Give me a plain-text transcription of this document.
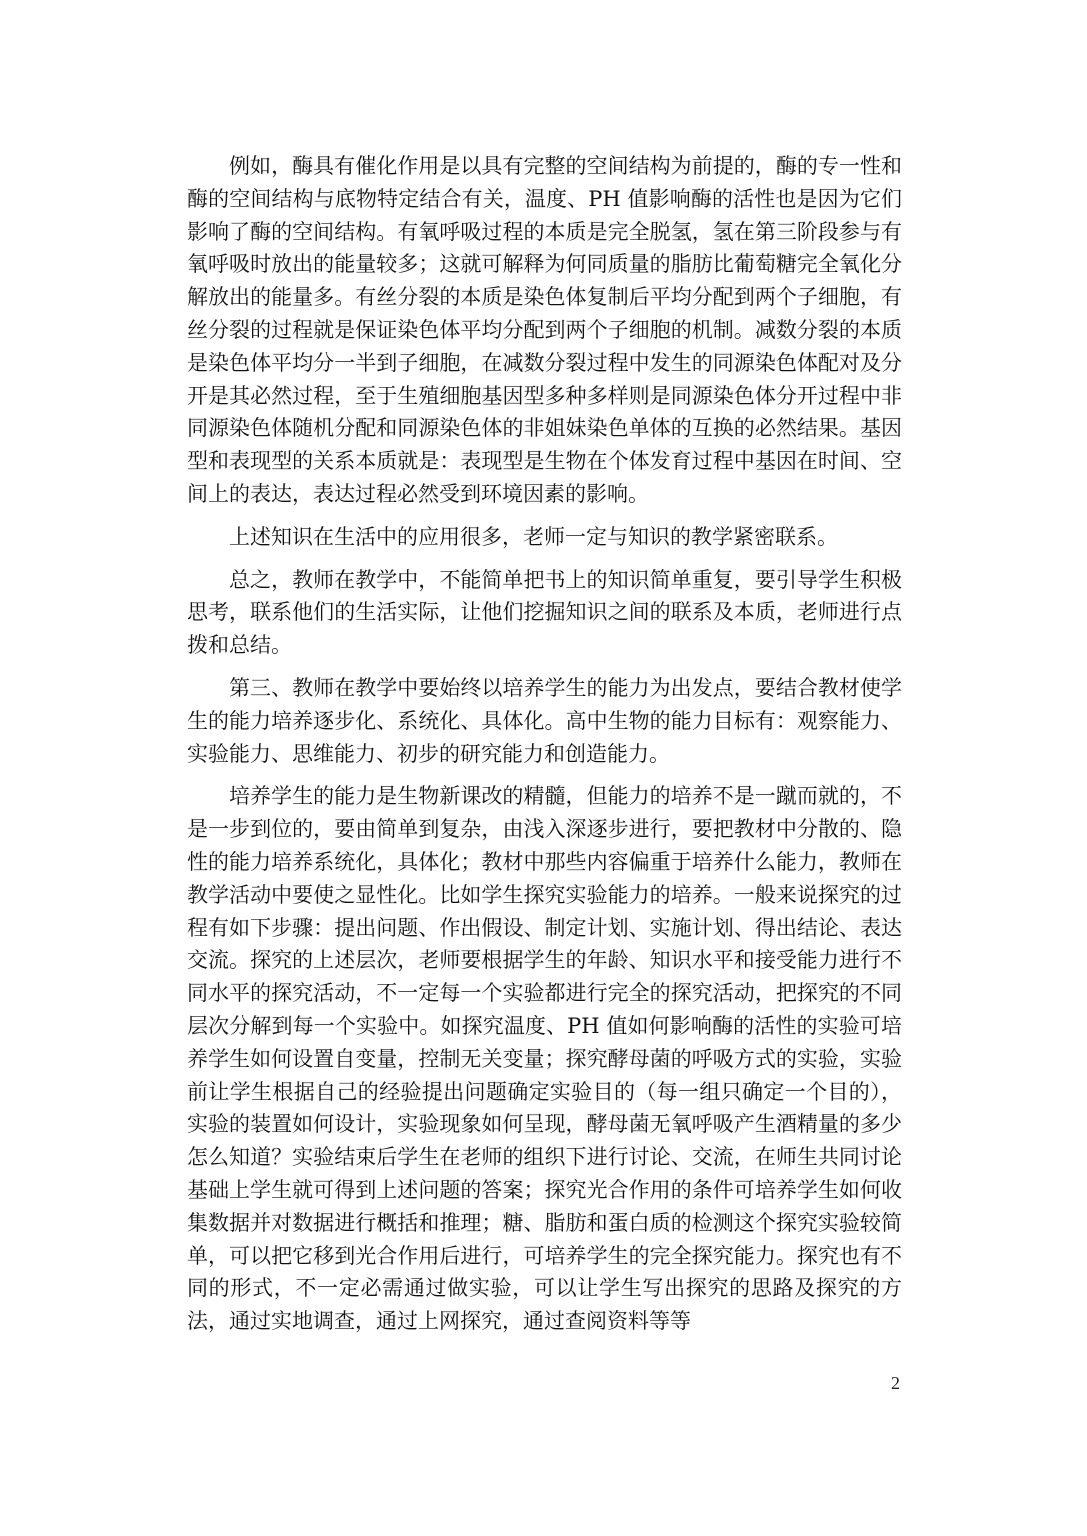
例如，酶具有催化作用是以具有完整的空间结构为前提的，酶的专一性和酶的空间结构与底物特定结合有关，温度、PH 值影响酶的活性也是因为它们影响了酶的空间结构。有氧呼吸过程的本质是完全脱氢，氢在第三阶段参与有氧呼吸时放出的能量较多；这就可解释为何同质量的脂肪比葡萄糖完全氧化分解放出的能量多。有丝分裂的本质是染色体复制后平均分配到两个子细胞，有丝分裂的过程就是保证染色体平均分配到两个子细胞的机制。减数分裂的本质是染色体平均分一半到子细胞，在减数分裂过程中发生的同源染色体配对及分开是其必然过程，至于生殖细胞基因型多种多样则是同源染色体分开过程中非同源染色体随机分配和同源染色体的非姐妹染色单体的互换的必然结果。基因型和表现型的关系本质就是：表现型是生物在个体发育过程中基因在时间、空间上的表达，表达过程必然受到环境因素的影响。

上述知识在生活中的应用很多，老师一定与知识的教学紧密联系。

总之，教师在教学中，不能简单把书上的知识简单重复，要引导学生积极思考，联系他们的生活实际，让他们挖掘知识之间的联系及本质，老师进行点拨和总结。

第三、教师在教学中要始终以培养学生的能力为出发点，要结合教材使学生的能力培养逐步化、系统化、具体化。高中生物的能力目标有：观察能力、实验能力、思维能力、初步的研究能力和创造能力。

培养学生的能力是生物新课改的精髓，但能力的培养不是一蹴而就的，不是一步到位的，要由简单到复杂，由浅入深逐步进行，要把教材中分散的、隐性的能力培养系统化，具体化；教材中那些内容偏重于培养什么能力，教师在教学活动中要使之显性化。比如学生探究实验能力的培养。一般来说探究的过程有如下步骤：提出问题、作出假设、制定计划、实施计划、得出结论、表达交流。探究的上述层次，老师要根据学生的年龄、知识水平和接受能力进行不同水平的探究活动，不一定每一个实验都进行完全的探究活动，把探究的不同层次分解到每一个实验中。如探究温度、PH 值如何影响酶的活性的实验可培养学生如何设置自变量，控制无关变量；探究酵母菌的呼吸方式的实验，实验前让学生根据自己的经验提出问题确定实验目的（每一组只确定一个目的），实验的装置如何设计，实验现象如何呈现，酵母菌无氧呼吸产生酒精量的多少怎么知道？实验结束后学生在老师的组织下进行讨论、交流，在师生共同讨论基础上学生就可得到上述问题的答案；探究光合作用的条件可培养学生如何收集数据并对数据进行概括和推理；糖、脂肪和蛋白质的检测这个探究实验较简单，可以把它移到光合作用后进行，可培养学生的完全探究能力。探究也有不同的形式，不一定必需通过做实验，可以让学生写出探究的思路及探究的方法，通过实地调查，通过上网探究，通过查阅资料等等

2
